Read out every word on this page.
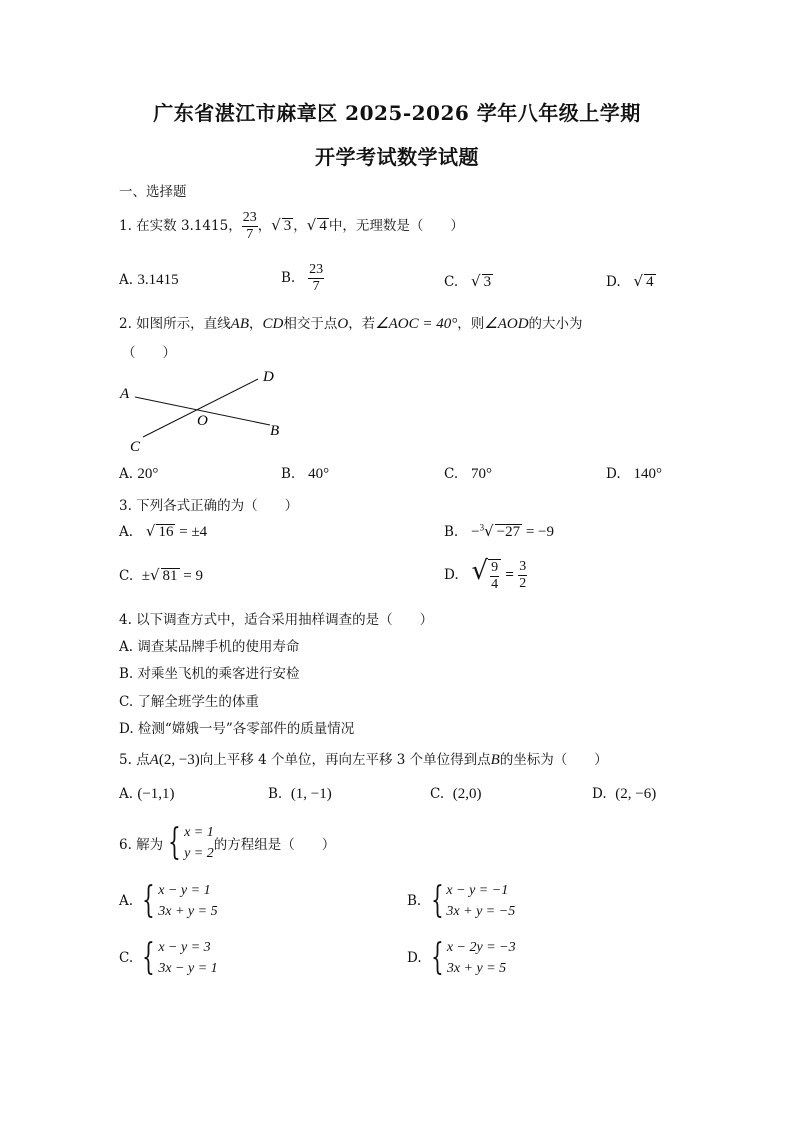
广东省湛江市麻章区 2025-2026 学年八年级上学期
开学考试数学试题
一、选择题
1. 在实数 3.1415， $\frac{23}{7}$ ，√ 3 ，√ 4 中，无理数是（　　）
A. 3.1415	B. $\frac{23}{7}$	C. √ 3	D. √ 4
2. 如图所示，直线AB，CD相交于点O，若∠AOC = 40°，则∠AOD的大小为
（　　）
A
D
O
B
C
A. 20°	B. 40°	C. 70°	D. 140°
3. 下列各式正确的为（　　）
A. √ 16 = ±4	B. −$^3$√ −27 = −9
C. ±√ 81 = 9	D. √ $\frac{9}{4} = \frac{3}{2}$
4. 以下调查方式中，适合采用抽样调查的是（　　）
A. 调查某品牌手机的使用寿命
B. 对乘坐飞机的乘客进行安检
C. 了解全班学生的体重
D. 检测“嫦娥一号”各零部件的质量情况
5. 点A(2, −3)向上平移 4 个单位，再向左平移 3 个单位得到点B的坐标为（　　）
A. (−1,1)	B. (1, −1)	C. (2,0)	D. (2, −6)
6. 解为 { x = 1
y = 2
的方程组是（　　）
A. { x − y = 1
3x + y = 5
B. { x − y = −1
3x + y = −5
C. { x − y = 3
3x − y = 1
D. { x − 2y = −3
3x + y = 5
